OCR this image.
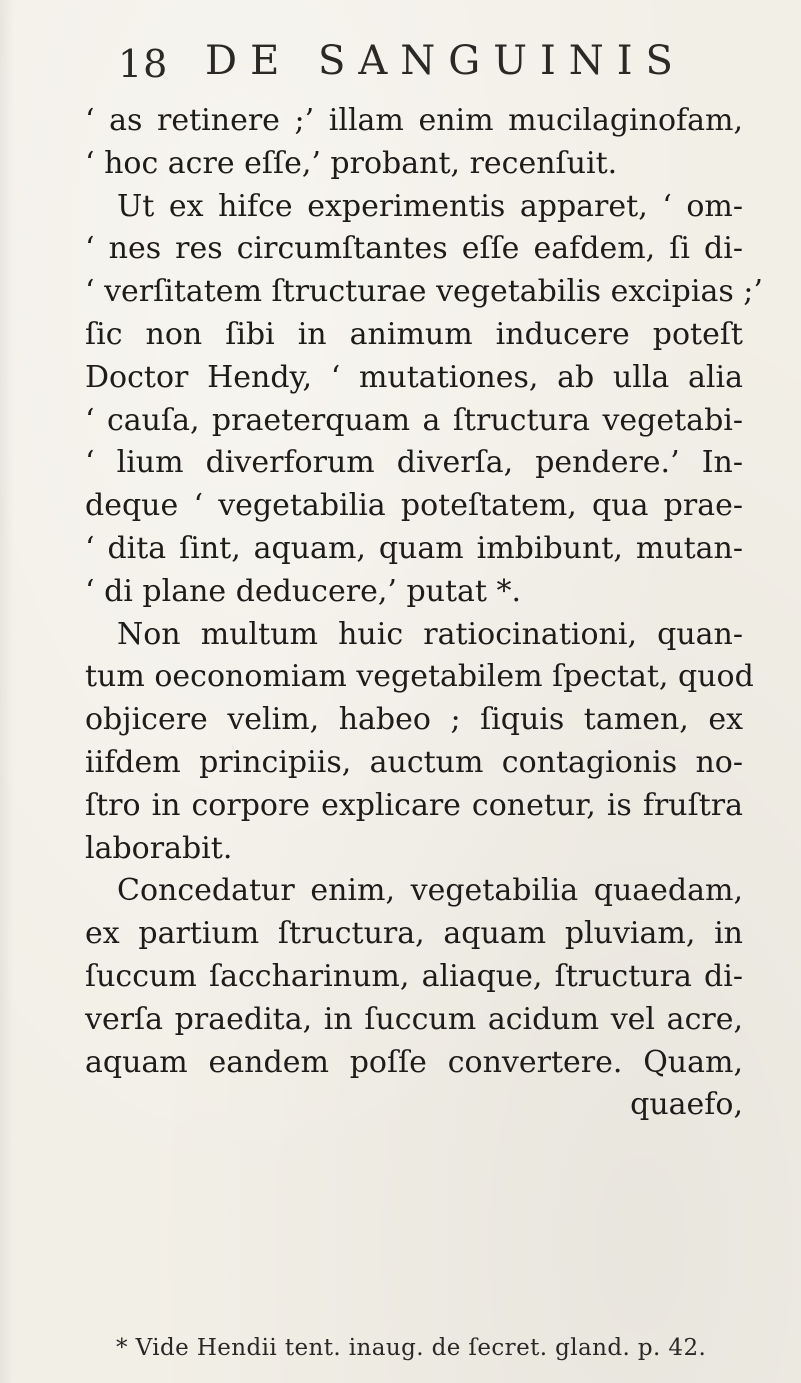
18 DE SANGUINIS
‘ as retinere ;’ illam enim mucilaginofam,
‘ hoc acre eſſe,’ probant, recenſuit.
Ut ex hifce experimentis apparet, ‘ om-
‘ nes res circumſtantes eſſe eafdem, ſi di-
‘ verſitatem ſtructurae vegetabilis excipias ;’
ſic non ſibi in animum inducere poteſt
Doctor Hendy, ‘ mutationes, ab ulla alia
‘ cauſa, praeterquam a ſtructura vegetabi-
‘ lium diverforum diverſa, pendere.’ In-
deque ‘ vegetabilia poteſtatem, qua prae-
‘ dita ſint, aquam, quam imbibunt, mutan-
‘ di plane deducere,’ putat *.
Non multum huic ratiocinationi, quan-
tum oeconomiam vegetabilem ſpectat, quod
objicere velim, habeo ; ſiquis tamen, ex
iifdem principiis, auctum contagionis no-
ſtro in corpore explicare conetur, is fruſtra
laborabit.
Concedatur enim, vegetabilia quaedam,
ex partium ſtructura, aquam pluviam, in
ſuccum ſaccharinum, aliaque, ſtructura di-
verſa praedita, in ſuccum acidum vel acre,
aquam eandem poſſe convertere. Quam,
quaefo,
* Vide Hendii tent. inaug. de ſecret. gland. p. 42.
